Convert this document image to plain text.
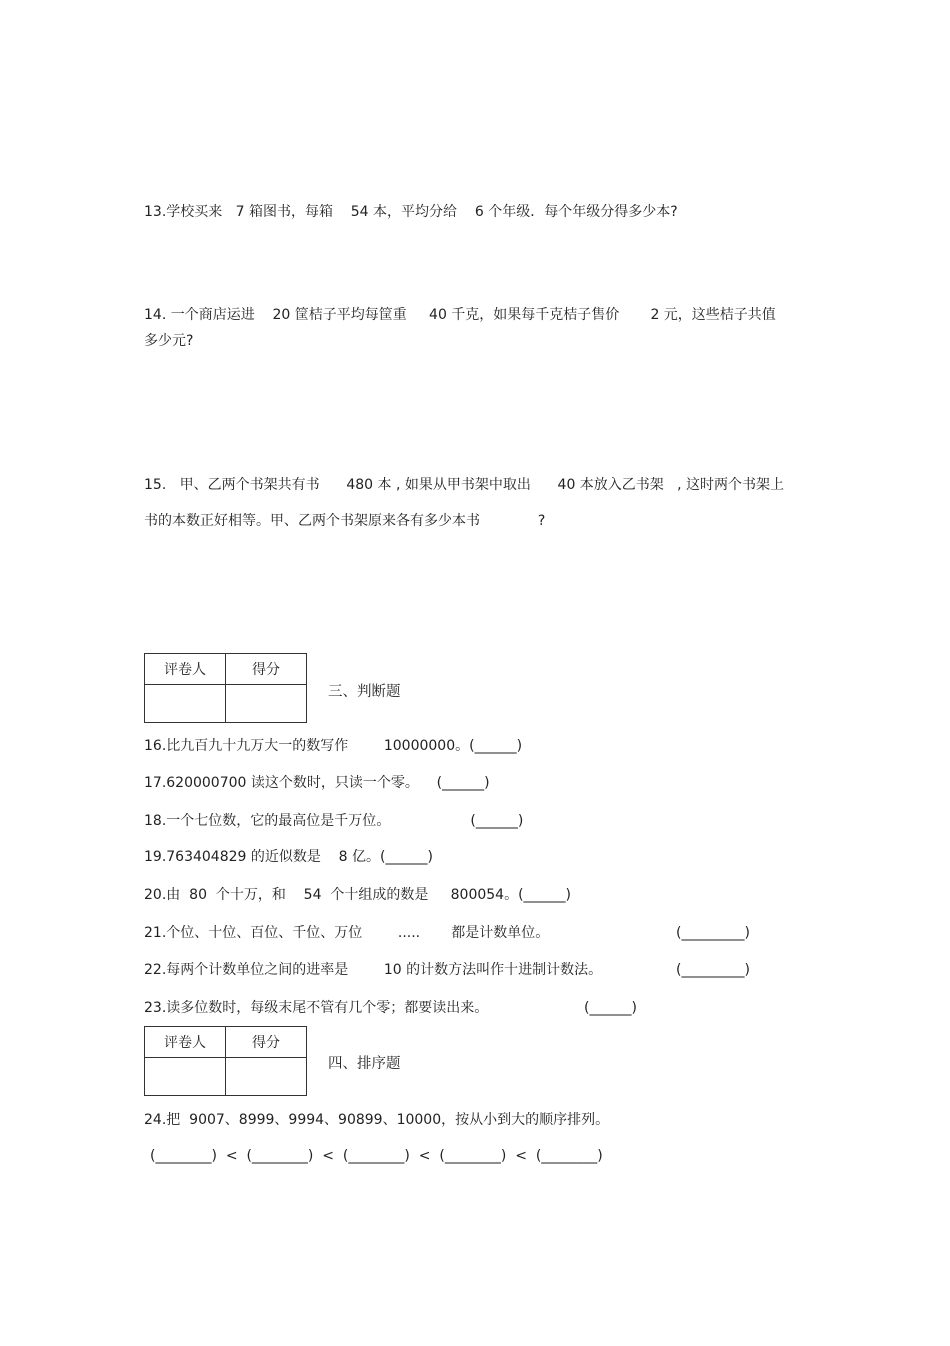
13.学校买来   7 箱图书，每箱    54 本，平均分给    6 个年级．每个年级分得多少本?
14. 一个商店运进    20 筐桔子平均每筐重     40 千克，如果每千克桔子售价       2 元，这些桔子共值
多少元?
15.   甲、乙两个书架共有书      480 本 , 如果从甲书架中取出      40 本放入乙书架   , 这时两个书架上
书的本数正好相等。甲、乙两个书架原来各有多少本书             ?
评卷人	得分

三、判断题
16.比九百九十九万大一的数写作        10000000。(______)
17.620000700 读这个数时，只读一个零。    (______)
18.一个七位数，它的最高位是千万位。                  (______)
19.763404829 的近似数是    8 亿。(______)
20.由  80  个十万，和    54  个十组成的数是     800054。(______)
21.个位、十位、百位、千位、万位        .....       都是计数单位。	(_________)
22.每两个计数单位之间的进率是        10 的计数方法叫作十进制计数法。	(_________)
23.读多位数时，每级末尾不管有几个零；都要读出来。	(______)
评卷人	得分

四、排序题
24.把  9007、8999、9994、90899、10000，按从小到大的顺序排列。
(________)  <  (________)  <  (________)  <  (________)  <  (________)
